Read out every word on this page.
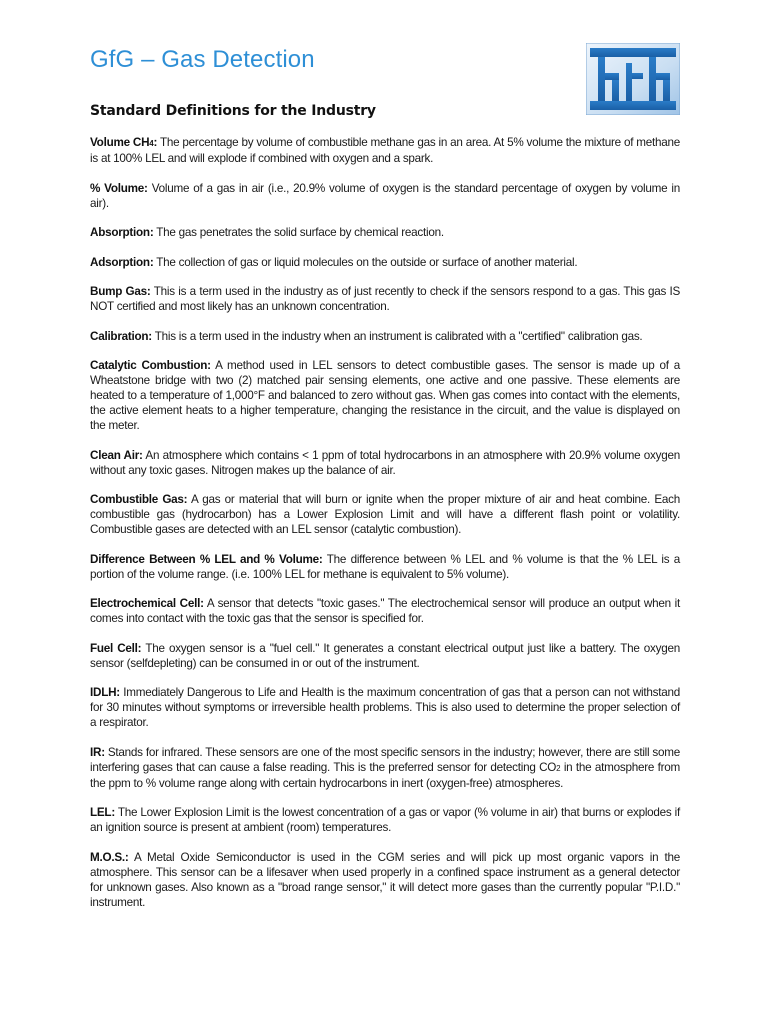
GfG – Gas Detection
Standard Definitions for the Industry

Volume CH4: The percentage by volume of combustible methane gas in an area. At 5% volume the mixture of methane is at 100% LEL and will explode if combined with oxygen and a spark.

% Volume: Volume of a gas in air (i.e., 20.9% volume of oxygen is the standard percentage of oxygen by volume in air).

Absorption: The gas penetrates the solid surface by chemical reaction.

Adsorption: The collection of gas or liquid molecules on the outside or surface of another material.

Bump Gas: This is a term used in the industry as of just recently to check if the sensors respond to a gas. This gas IS NOT certified and most likely has an unknown concentration.

Calibration: This is a term used in the industry when an instrument is calibrated with a "certified" calibration gas.

Catalytic Combustion: A method used in LEL sensors to detect combustible gases. The sensor is made up of a Wheatstone bridge with two (2) matched pair sensing elements, one active and one passive. These elements are heated to a temperature of 1,000°F and balanced to zero without gas. When gas comes into contact with the elements, the active element heats to a higher temperature, changing the resistance in the circuit, and the value is displayed on the meter.

Clean Air: An atmosphere which contains < 1 ppm of total hydrocarbons in an atmosphere with 20.9% volume oxygen without any toxic gases. Nitrogen makes up the balance of air.

Combustible Gas: A gas or material that will burn or ignite when the proper mixture of air and heat combine. Each combustible gas (hydrocarbon) has a Lower Explosion Limit and will have a different flash point or volatility. Combustible gases are detected with an LEL sensor (catalytic combustion).

Difference Between % LEL and % Volume: The difference between % LEL and % volume is that the % LEL is a portion of the volume range. (i.e. 100% LEL for methane is equivalent to 5% volume).

Electrochemical Cell: A sensor that detects "toxic gases." The electrochemical sensor will produce an output when it comes into contact with the toxic gas that the sensor is specified for.

Fuel Cell: The oxygen sensor is a "fuel cell." It generates a constant electrical output just like a battery. The oxygen sensor (selfdepleting) can be consumed in or out of the instrument.

IDLH: Immediately Dangerous to Life and Health is the maximum concentration of gas that a person can not withstand for 30 minutes without symptoms or irreversible health problems. This is also used to determine the proper selection of a respirator.

IR: Stands for infrared. These sensors are one of the most specific sensors in the industry; however, there are still some interfering gases that can cause a false reading. This is the preferred sensor for detecting CO2 in the atmosphere from the ppm to % volume range along with certain hydrocarbons in inert (oxygen-free) atmospheres.

LEL: The Lower Explosion Limit is the lowest concentration of a gas or vapor (% volume in air) that burns or explodes if an ignition source is present at ambient (room) temperatures.

M.O.S.: A Metal Oxide Semiconductor is used in the CGM series and will pick up most organic vapors in the atmosphere. This sensor can be a lifesaver when used properly in a confined space instrument as a general detector for unknown gases. Also known as a "broad range sensor," it will detect more gases than the currently popular "P.I.D." instrument.
